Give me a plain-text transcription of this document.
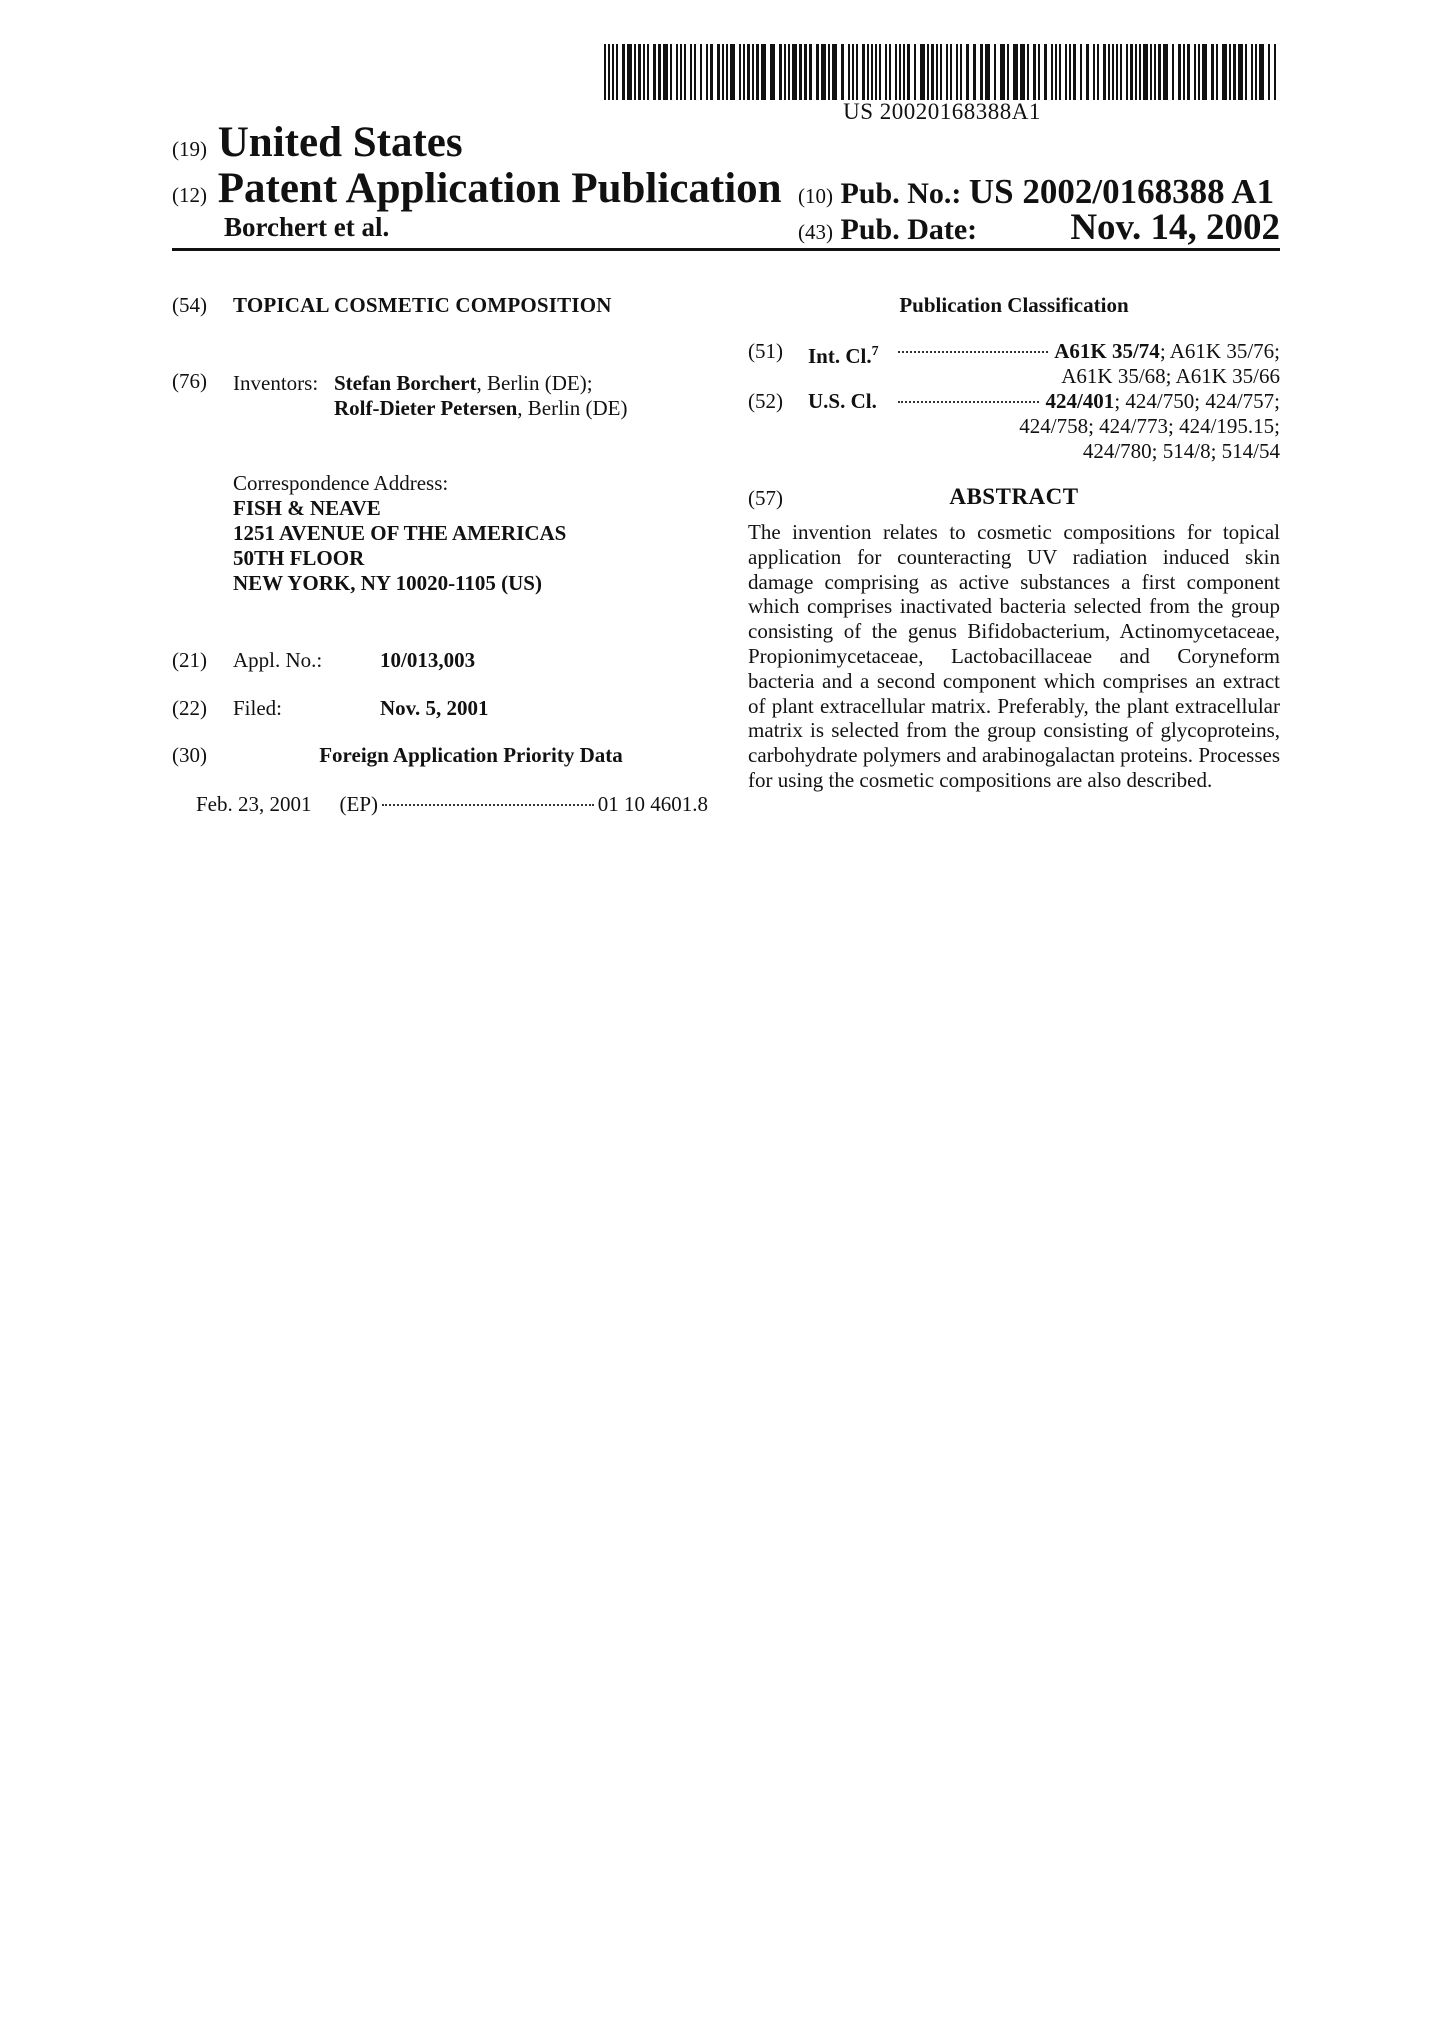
US 20020168388A1
(19) United States
(12) Patent Application Publication
Borchert et al.
(10) Pub. No.: US 2002/0168388 A1
(43) Pub. Date:	Nov. 14, 2002
(54) TOPICAL COSMETIC COMPOSITION
(76) Inventors: Stefan Borchert, Berlin (DE);
Rolf-Dieter Petersen, Berlin (DE)
Correspondence Address:
FISH & NEAVE
1251 AVENUE OF THE AMERICAS
50TH FLOOR
NEW YORK, NY 10020-1105 (US)
(21) Appl. No.:	10/013,003
(22) Filed:	Nov. 5, 2001
(30)	Foreign Application Priority Data
Feb. 23, 2001 (EP)	01 10 4601.8
Publication Classification
(51) Int. Cl.$^7$	A61K 35/74 ; A61K 35/76;
A61K 35/68; A61K 35/66
(52) U.S. Cl.	424/401 ; 424/750; 424/757;
424/758; 424/773; 424/195.15;
424/780; 514/8; 514/54
(57)	ABSTRACT
The invention relates to cosmetic compositions for topical application for counteracting UV radiation induced skin damage comprising as active substances a first component which comprises inactivated bacteria selected from the group consisting of the genus Bifidobacterium, Actinomycetaceae, Propionimycetaceae, Lactobacillaceae and Coryneform bacteria and a second component which comprises an extract of plant extracellular matrix. Preferably, the plant extracellular matrix is selected from the group consisting of glycoproteins, carbohydrate polymers and arabinogalactan proteins. Processes for using the cosmetic compositions are also described.
